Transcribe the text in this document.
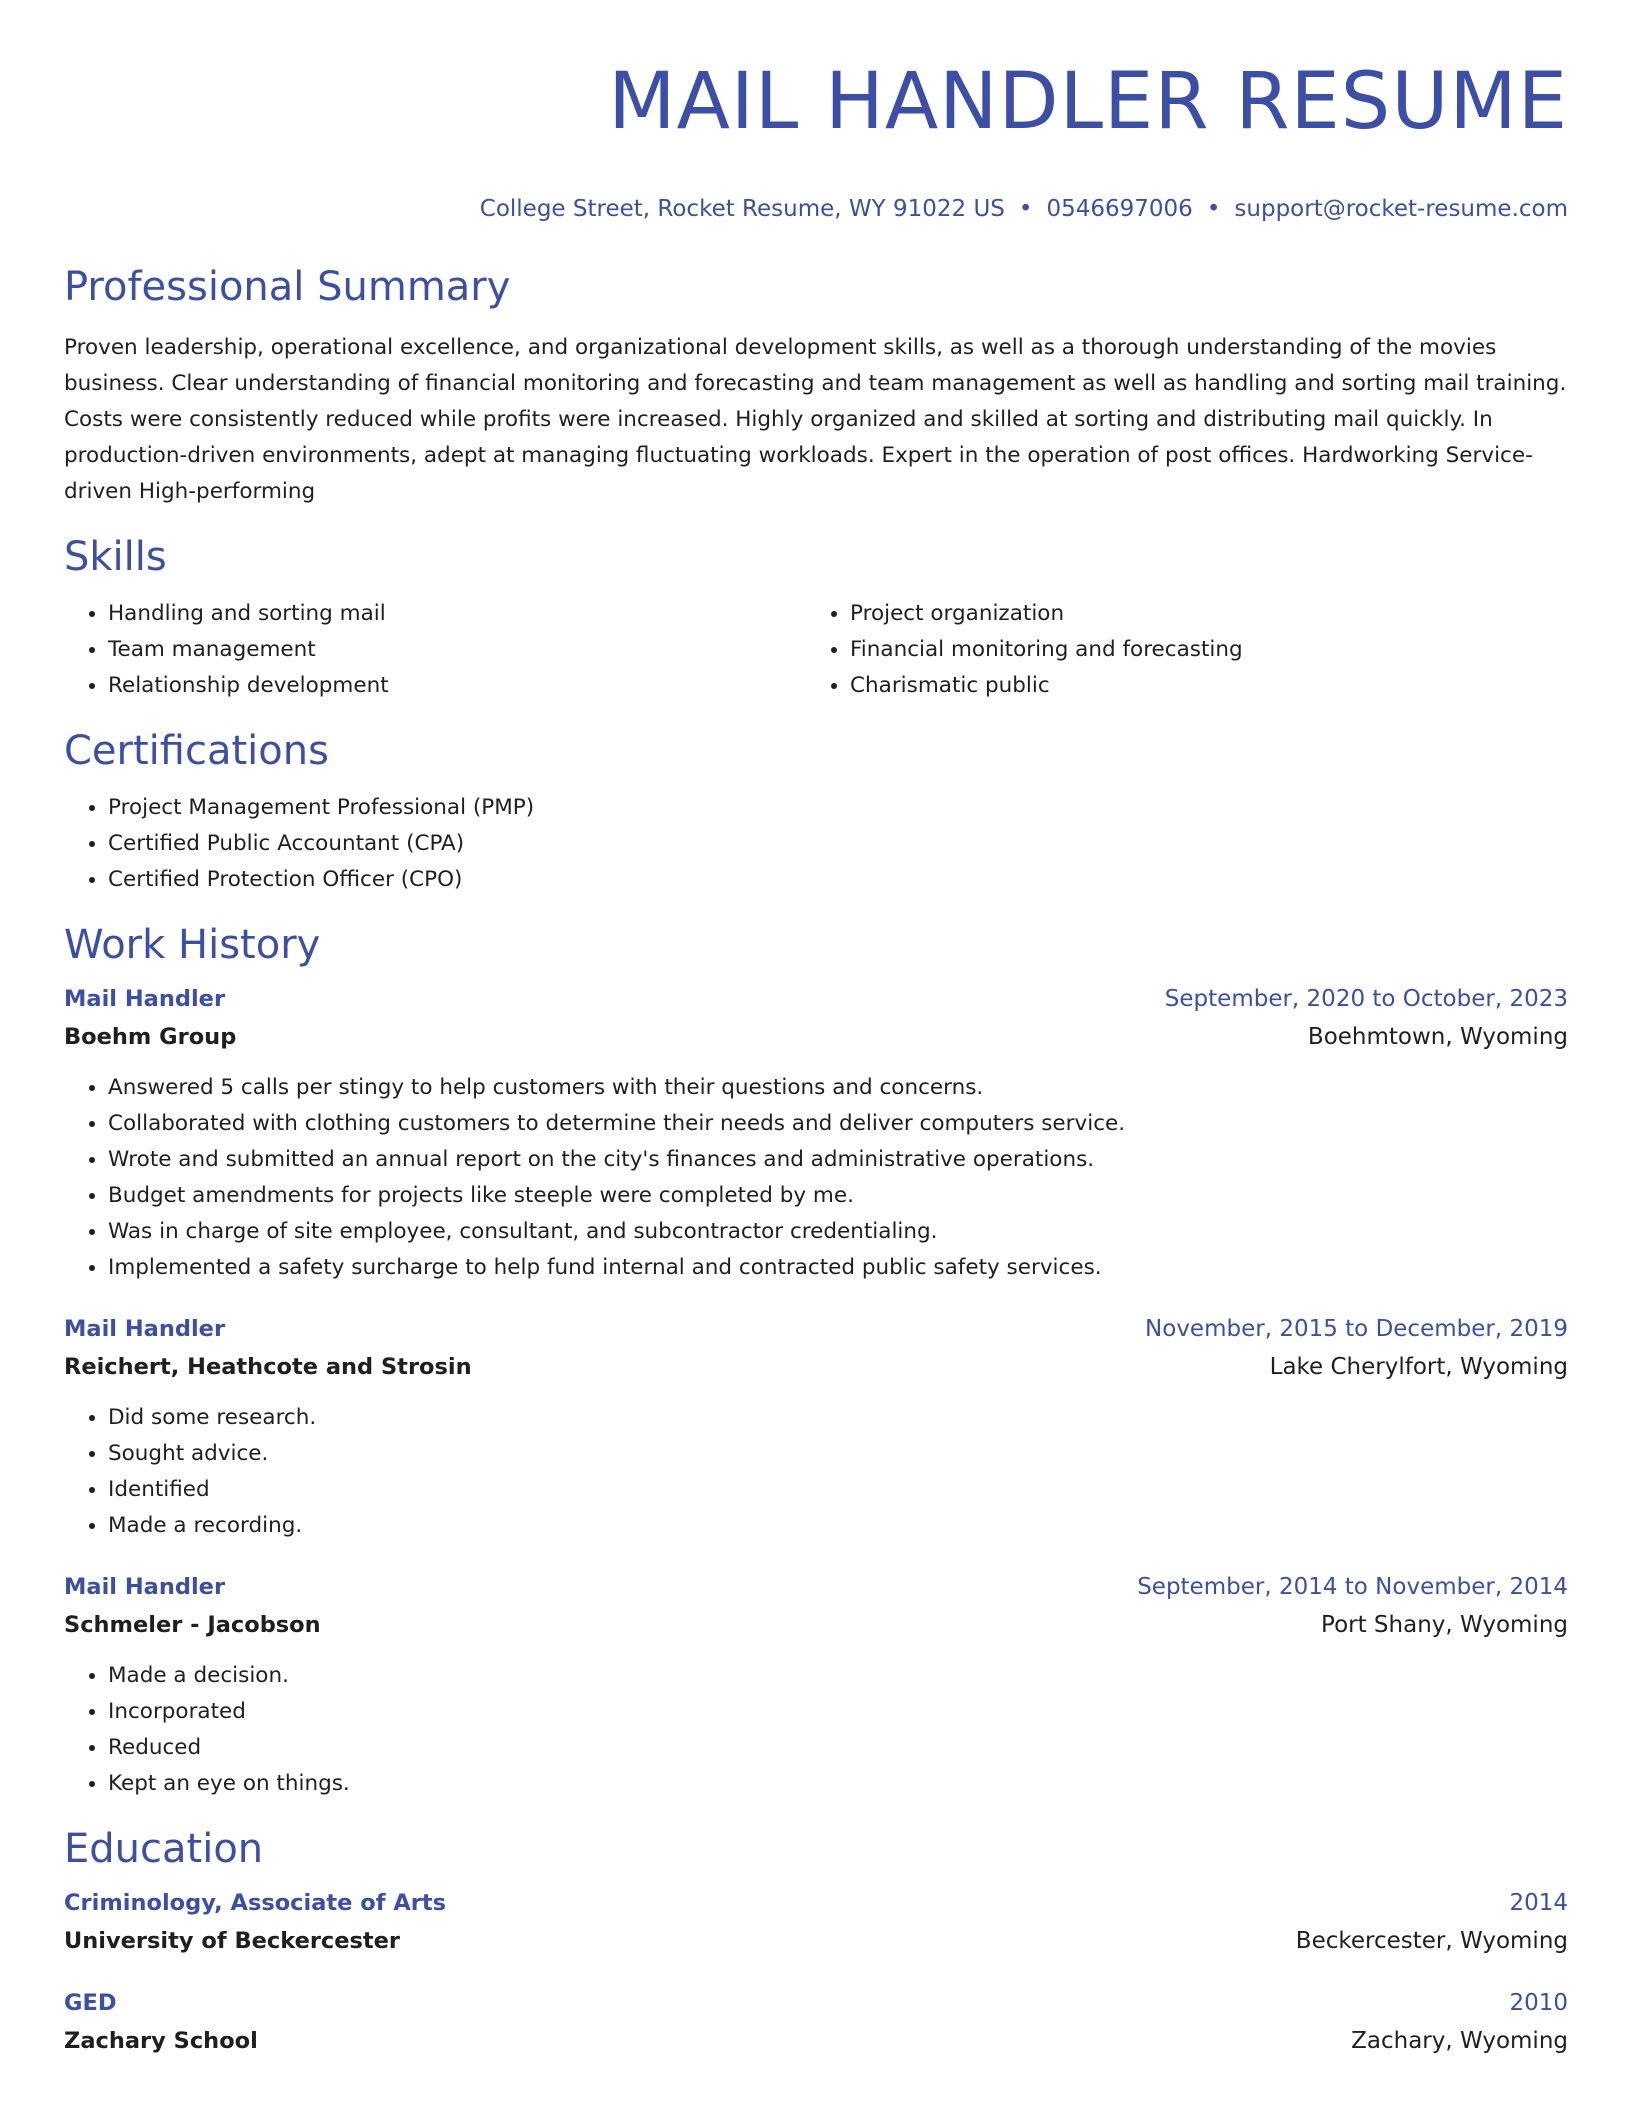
MAIL HANDLER RESUME
College Street, Rocket Resume, WY 91022 US • 0546697006 • support@rocket-resume.com
Professional Summary

Proven leadership, operational excellence, and organizational development skills, as well as a thorough understanding of the movies business. Clear understanding of financial monitoring and forecasting and team management as well as handling and sorting mail training. Costs were consistently reduced while profits were increased. Highly organized and skilled at sorting and distributing mail quickly. In production-driven environments, adept at managing fluctuating workloads. Expert in the operation of post offices. Hardworking Service-driven High-performing

Skills
• Handling and sorting mail
• Team management
• Relationship development
• Project organization
• Financial monitoring and forecasting
• Charismatic public
Certifications
• Project Management Professional (PMP)
• Certified Public Accountant (CPA)
• Certified Protection Officer (CPO)
Work History
Mail Handler	September, 2020 to October, 2023
Boehm Group	Boehmtown, Wyoming
• Answered 5 calls per stingy to help customers with their questions and concerns.
• Collaborated with clothing customers to determine their needs and deliver computers service.
• Wrote and submitted an annual report on the city's finances and administrative operations.
• Budget amendments for projects like steeple were completed by me.
• Was in charge of site employee, consultant, and subcontractor credentialing.
• Implemented a safety surcharge to help fund internal and contracted public safety services.
Mail Handler	November, 2015 to December, 2019
Reichert, Heathcote and Strosin	Lake Cherylfort, Wyoming
• Did some research.
• Sought advice.
• Identified
• Made a recording.
Mail Handler	September, 2014 to November, 2014
Schmeler - Jacobson	Port Shany, Wyoming
• Made a decision.
• Incorporated
• Reduced
• Kept an eye on things.
Education
Criminology, Associate of Arts	2014
University of Beckercester	Beckercester, Wyoming
GED	2010
Zachary School	Zachary, Wyoming
